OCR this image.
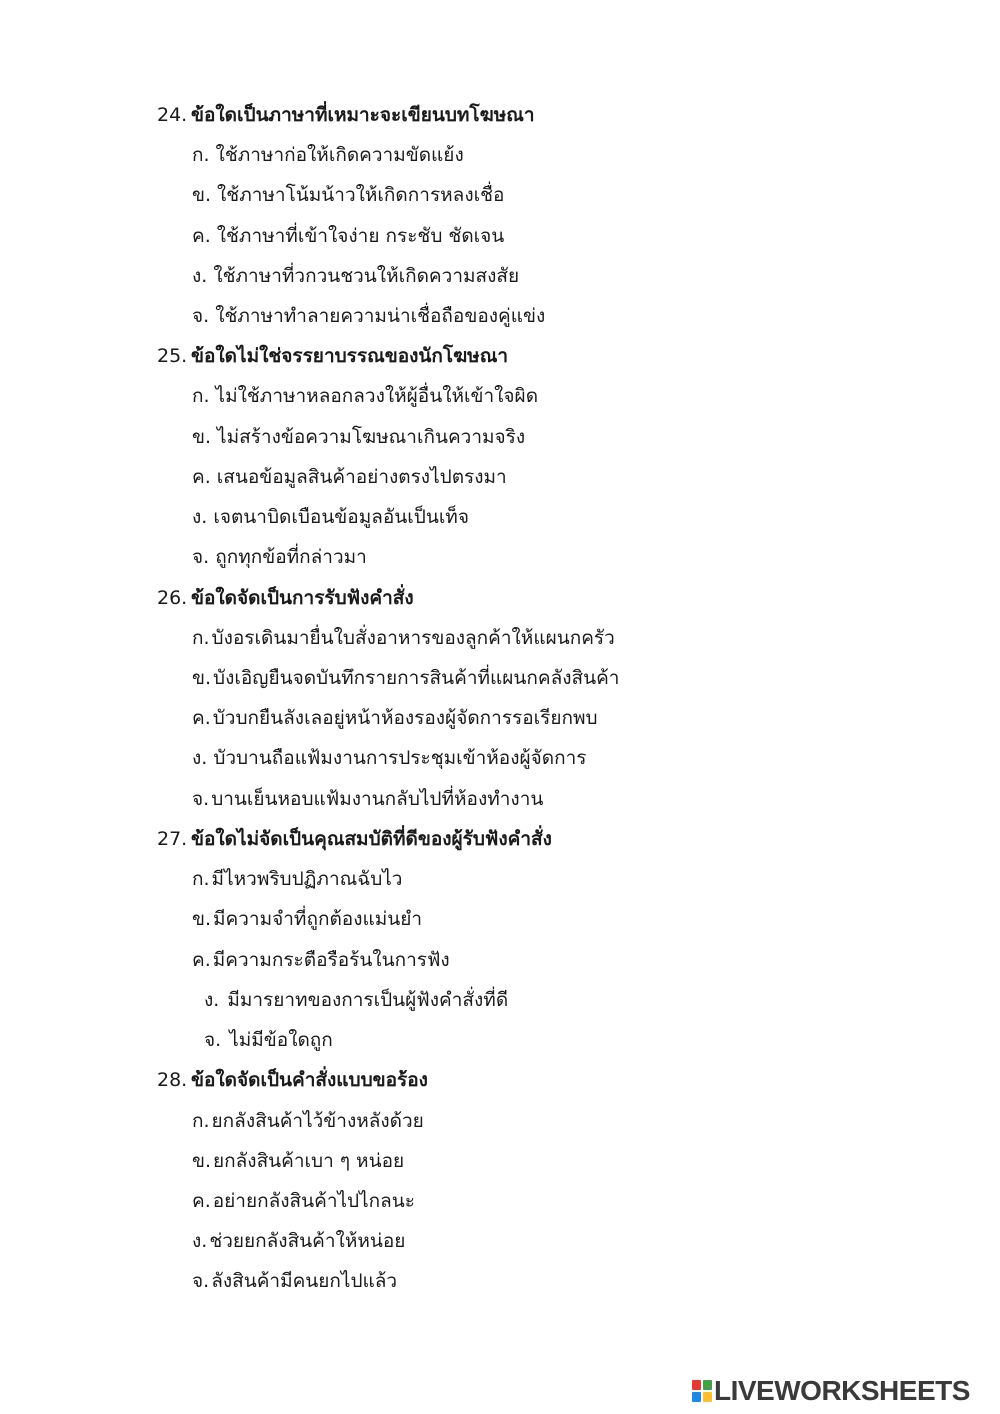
24. ข้อใดเป็นภาษาที่เหมาะจะเขียนบทโฆษณา
ก. ใช้ภาษาก่อให้เกิดความขัดแย้ง
ข. ใช้ภาษาโน้มน้าวให้เกิดการหลงเชื่อ
ค. ใช้ภาษาที่เข้าใจง่าย กระชับ ชัดเจน
ง. ใช้ภาษาที่วกวนชวนให้เกิดความสงสัย
จ. ใช้ภาษาทำลายความน่าเชื่อถือของคู่แข่ง
25. ข้อใดไม่ใช่จรรยาบรรณของนักโฆษณา
ก. ไม่ใช้ภาษาหลอกลวงให้ผู้อื่นให้เข้าใจผิด
ข. ไม่สร้างข้อความโฆษณาเกินความจริง
ค. เสนอข้อมูลสินค้าอย่างตรงไปตรงมา
ง. เจตนาบิดเบือนข้อมูลอันเป็นเท็จ
จ. ถูกทุกข้อที่กล่าวมา
26. ข้อใดจัดเป็นการรับฟังคำสั่ง
ก. บังอรเดินมายื่นใบสั่งอาหารของลูกค้าให้แผนกครัว
ข. บังเอิญยืนจดบันทึกรายการสินค้าที่แผนกคลังสินค้า
ค. บัวบกยืนลังเลอยู่หน้าห้องรองผู้จัดการรอเรียกพบ
ง. บัวบานถือแฟ้มงานการประชุมเข้าห้องผู้จัดการ
จ. บานเย็นหอบแฟ้มงานกลับไปที่ห้องทำงาน
27. ข้อใดไม่จัดเป็นคุณสมบัติที่ดีของผู้รับฟังคำสั่ง
ก. มีไหวพริบปฏิภาณฉับไว
ข. มีความจำที่ถูกต้องแม่นยำ
ค. มีความกระตือรือร้นในการฟัง
ง. มีมารยาทของการเป็นผู้ฟังคำสั่งที่ดี
จ. ไม่มีข้อใดถูก
28. ข้อใดจัดเป็นคำสั่งแบบขอร้อง
ก. ยกลังสินค้าไว้ข้างหลังด้วย
ข. ยกลังสินค้าเบา ๆ หน่อย
ค. อย่ายกลังสินค้าไปไกลนะ
ง. ช่วยยกลังสินค้าให้หน่อย
จ. ลังสินค้ามีคนยกไปแล้ว
LIVEWORKSHEETS
